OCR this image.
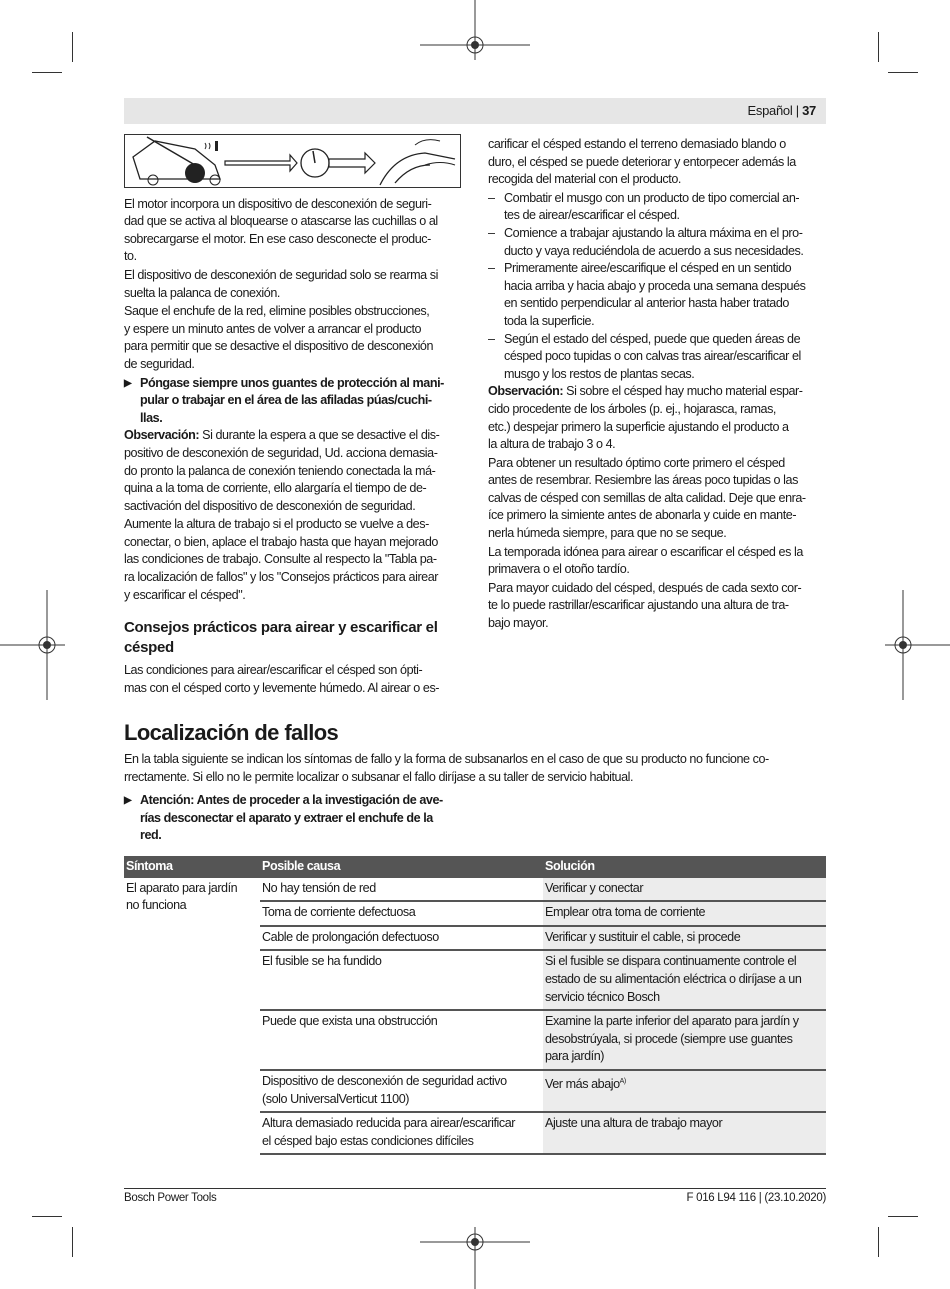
Español | 37
El motor incorpora un dispositivo de desconexión de seguri-
dad que se activa al bloquearse o atascarse las cuchillas o al
sobrecargarse el motor. En ese caso desconecte el produc-
to.
El dispositivo de desconexión de seguridad solo se rearma si
suelta la palanca de conexión.
Saque el enchufe de la red, elimine posibles obstrucciones,
y espere un minuto antes de volver a arrancar el producto
para permitir que se desactive el dispositivo de desconexión
de seguridad.
▶ Póngase siempre unos guantes de protección al mani-
pular o trabajar en el área de las afiladas púas/cuchi-
llas.
Observación: Si durante la espera a que se desactive el dis-
positivo de desconexión de seguridad, Ud. acciona demasia-
do pronto la palanca de conexión teniendo conectada la má-
quina a la toma de corriente, ello alargaría el tiempo de de-
sactivación del dispositivo de desconexión de seguridad.
Aumente la altura de trabajo si el producto se vuelve a des-
conectar, o bien, aplace el trabajo hasta que hayan mejorado
las condiciones de trabajo. Consulte al respecto la "Tabla pa-
ra localización de fallos" y los "Consejos prácticos para airear
y escarificar el césped".
Consejos prácticos para airear y escarificar el
césped
Las condiciones para airear/escarificar el césped son ópti-
mas con el césped corto y levemente húmedo. Al airear o es-
carificar el césped estando el terreno demasiado blando o
duro, el césped se puede deteriorar y entorpecer además la
recogida del material con el producto.
– Combatir el musgo con un producto de tipo comercial an-
tes de airear/escarificar el césped.
– Comience a trabajar ajustando la altura máxima en el pro-
ducto y vaya reduciéndola de acuerdo a sus necesidades.
– Primeramente airee/escarifique el césped en un sentido
hacia arriba y hacia abajo y proceda una semana después
en sentido perpendicular al anterior hasta haber tratado
toda la superficie.
– Según el estado del césped, puede que queden áreas de
césped poco tupidas o con calvas tras airear/escarificar el
musgo y los restos de plantas secas.
Observación: Si sobre el césped hay mucho material espar-
cido procedente de los árboles (p. ej., hojarasca, ramas,
etc.) despejar primero la superficie ajustando el producto a
la altura de trabajo 3 o 4.
Para obtener un resultado óptimo corte primero el césped
antes de resembrar. Resiembre las áreas poco tupidas o las
calvas de césped con semillas de alta calidad. Deje que enra-
íce primero la simiente antes de abonarla y cuide en mante-
nerla húmeda siempre, para que no se seque.
La temporada idónea para airear o escarificar el césped es la
primavera o el otoño tardío.
Para mayor cuidado del césped, después de cada sexto cor-
te lo puede rastrillar/escarificar ajustando una altura de tra-
bajo mayor.
Localización de fallos
En la tabla siguiente se indican los síntomas de fallo y la forma de subsanarlos en el caso de que su producto no funcione co-
rrectamente. Si ello no le permite localizar o subsanar el fallo diríjase a su taller de servicio habitual.
▶ Atención: Antes de proceder a la investigación de ave-
rías desconectar el aparato y extraer el enchufe de la
red.
Síntoma	Posible causa	Solución
El aparato para jardín
no funciona	No hay tensión de red	Verificar y conectar
	Toma de corriente defectuosa	Emplear otra toma de corriente
	Cable de prolongación defectuoso	Verificar y sustituir el cable, si procede
	El fusible se ha fundido	Si el fusible se dispara continuamente controle el
estado de su alimentación eléctrica o diríjase a un
servicio técnico Bosch
	Puede que exista una obstrucción	Examine la parte inferior del aparato para jardín y
desobstrúyala, si procede (siempre use guantes
para jardín)
	Dispositivo de desconexión de seguridad activo
(solo UniversalVerticut 1100)	Ver más abajo$^{A)}$
	Altura demasiado reducida para airear/escarificar
el césped bajo estas condiciones difíciles	Ajuste una altura de trabajo mayor
Bosch Power Tools	F 016 L94 116 | (23.10.2020)
